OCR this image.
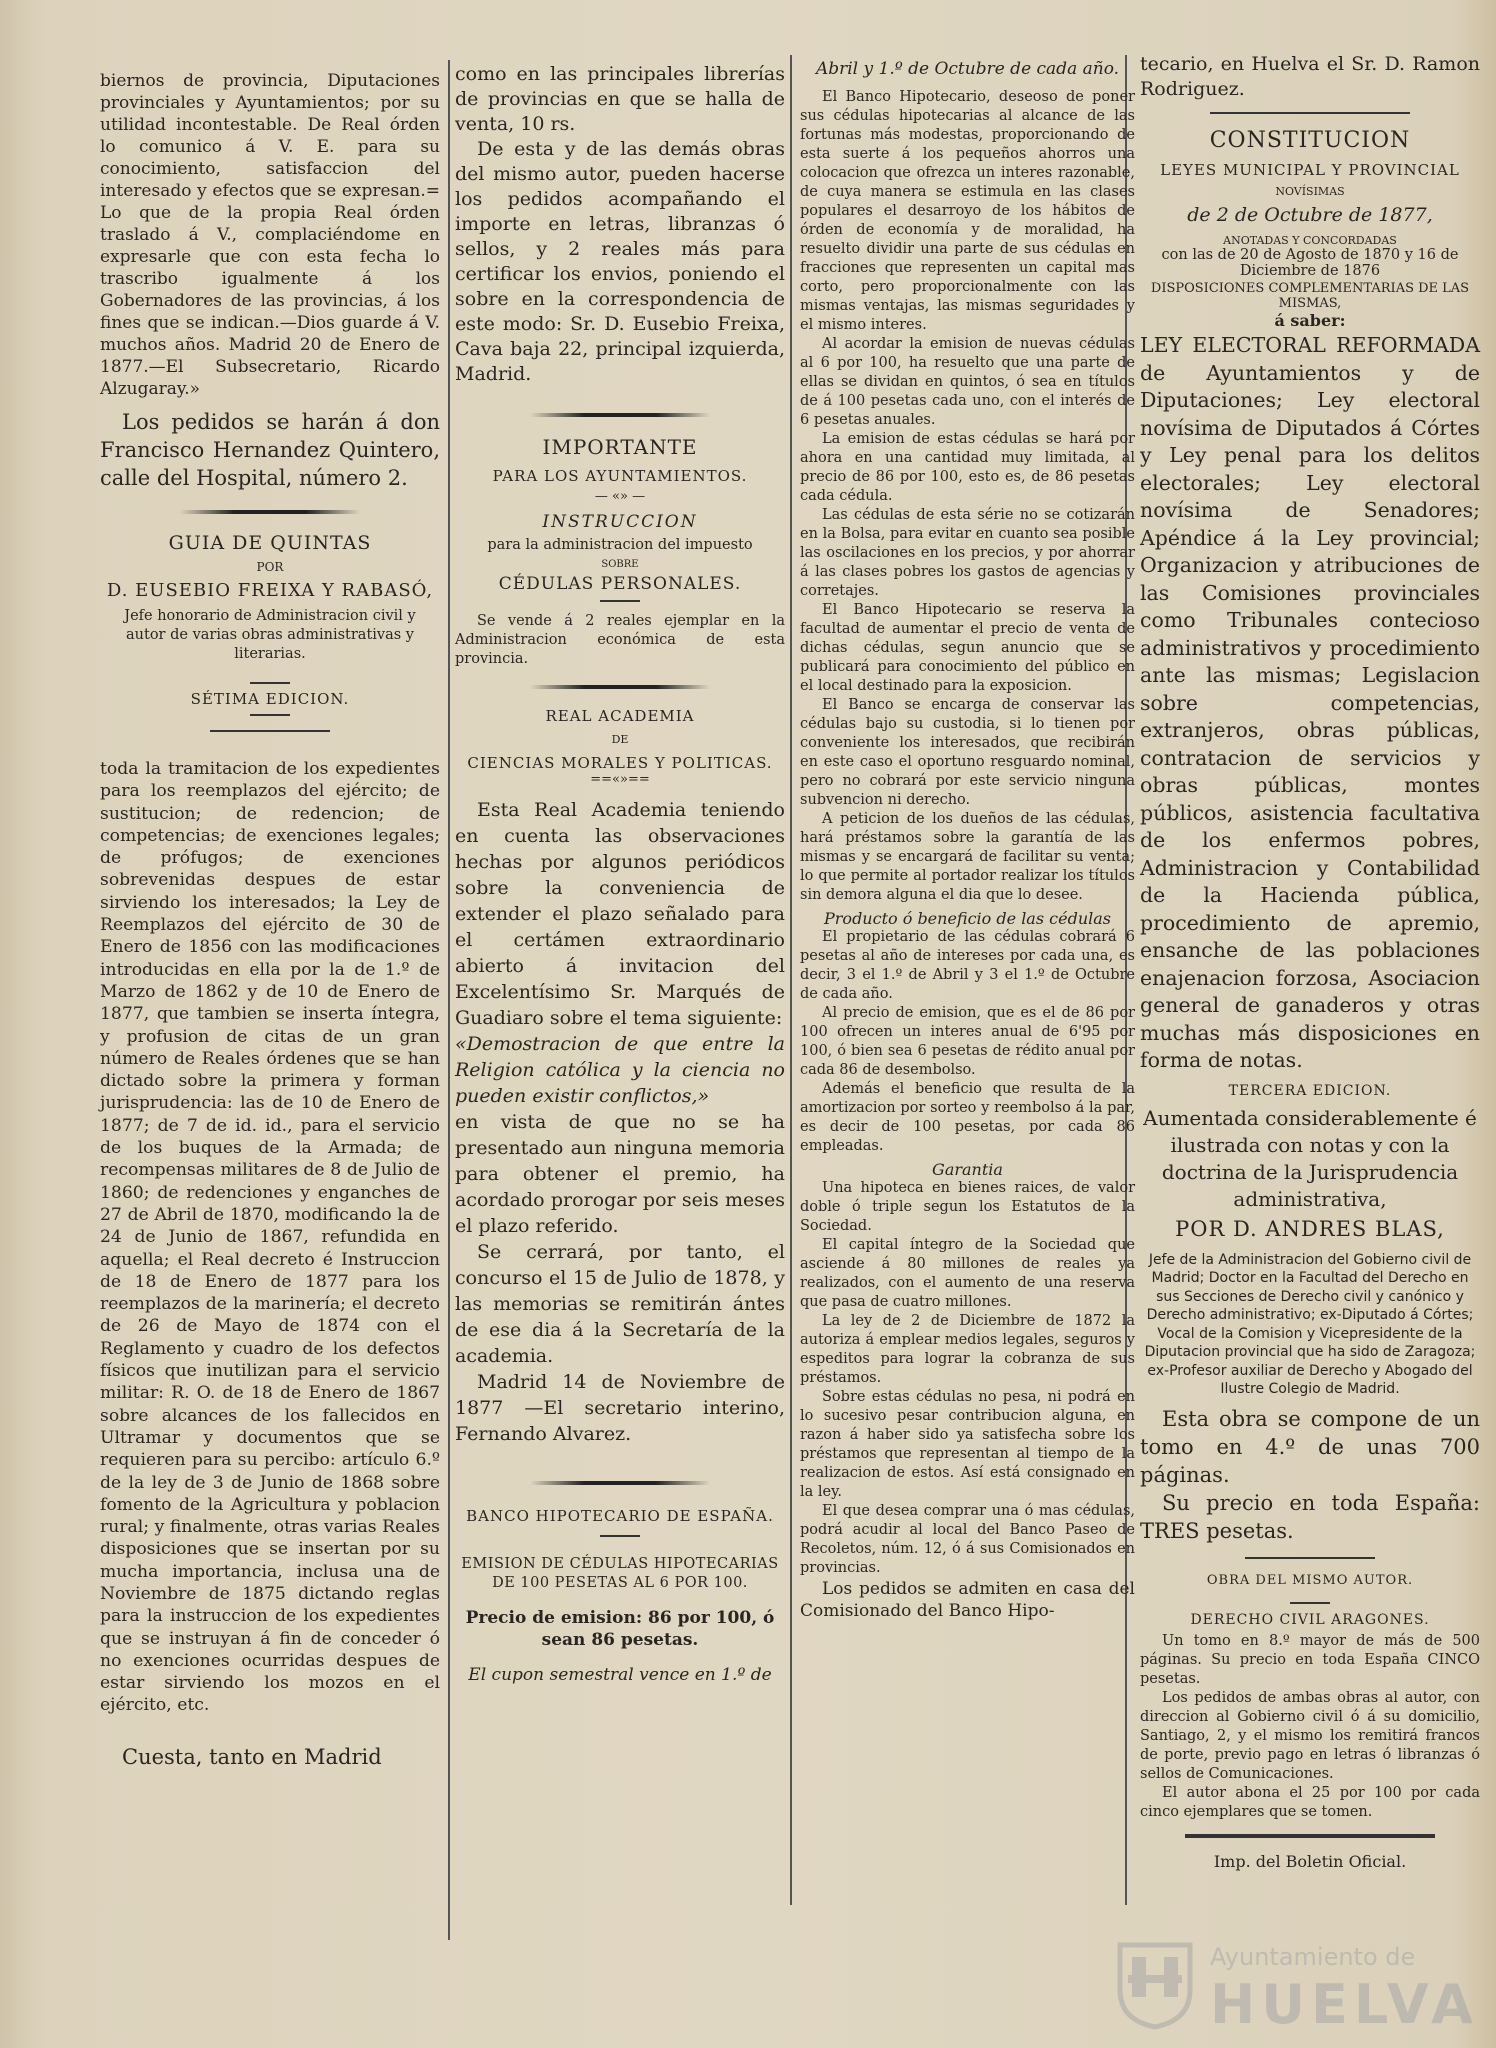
biernos de provincia, Diputaciones provinciales y Ayuntamientos; por su utilidad incontestable. De Real órden lo comunico á V. E. para su conocimiento, satisfaccion del interesado y efectos que se expresan.= Lo que de la propia Real órden traslado á V., complaciéndome en expresarle que con esta fecha lo trascribo igualmente á los Gobernadores de las provincias, á los fines que se indican.—Dios guarde á V. muchos años. Madrid 20 de Enero de 1877.—El Subsecretario, Ricardo Alzugaray.»

Los pedidos se harán á don Francisco Hernandez Quintero, calle del Hospital, número 2.

GUIA DE QUINTAS

POR

D. EUSEBIO FREIXA Y RABASÓ,

Jefe honorario de Administracion civil y autor de varias obras administrativas y literarias.

SÉTIMA EDICION.

toda la tramitacion de los expedientes para los reemplazos del ejército; de sustitucion; de redencion; de competencias; de exenciones legales; de prófugos; de exenciones sobrevenidas despues de estar sirviendo los interesados; la Ley de Reemplazos del ejército de 30 de Enero de 1856 con las modificaciones introducidas en ella por la de 1.º de Marzo de 1862 y de 10 de Enero de 1877, que tambien se inserta íntegra, y profusion de citas de un gran número de Reales órdenes que se han dictado sobre la primera y forman jurisprudencia: las de 10 de Enero de 1877; de 7 de id. id., para el servicio de los buques de la Armada; de recompensas militares de 8 de Julio de 1860; de redenciones y enganches de 27 de Abril de 1870, modificando la de 24 de Junio de 1867, refundida en aquella; el Real decreto é Instruccion de 18 de Enero de 1877 para los reemplazos de la marinería; el decreto de 26 de Mayo de 1874 con el Reglamento y cuadro de los defectos físicos que inutilizan para el servicio militar: R. O. de 18 de Enero de 1867 sobre alcances de los fallecidos en Ultramar y documentos que se requieren para su percibo: artículo 6.º de la ley de 3 de Junio de 1868 sobre fomento de la Agricultura y poblacion rural; y finalmente, otras varias Reales disposiciones que se insertan por su mucha importancia, inclusa una de Noviembre de 1875 dictando reglas para la instruccion de los expedientes que se instruyan á fin de conceder ó no exenciones ocurridas despues de estar sirviendo los mozos en el ejército, etc.

Cuesta, tanto en Madrid

como en las principales librerías de provincias en que se halla de venta, 10 rs.

De esta y de las demás obras del mismo autor, pueden hacerse los pedidos acompañando el importe en letras, libranzas ó sellos, y 2 reales más para certificar los envios, poniendo el sobre en la correspondencia de este modo: Sr. D. Eusebio Freixa, Cava baja 22, principal izquierda, Madrid.

IMPORTANTE

PARA LOS AYUNTAMIENTOS.

— «» —

INSTRUCCION

para la administracion del impuesto

SOBRE

CÉDULAS PERSONALES.

Se vende á 2 reales ejemplar en la Administracion económica de esta provincia.

REAL ACADEMIA

DE

CIENCIAS MORALES Y POLITICAS.

==«»==

Esta Real Academia teniendo en cuenta las observaciones hechas por algunos periódicos sobre la conveniencia de extender el plazo señalado para el certámen extraordinario abierto á invitacion del Excelentísimo Sr. Marqués de Guadiaro sobre el tema siguiente:

«Demostracion de que entre la Religion católica y la ciencia no pueden existir conflictos,»

en vista de que no se ha presentado aun ninguna memoria para obtener el premio, ha acordado prorogar por seis meses el plazo referido.

Se cerrará, por tanto, el concurso el 15 de Julio de 1878, y las memorias se remitirán ántes de ese dia á la Secretaría de la academia.

Madrid 14 de Noviembre de 1877 —El secretario interino, Fernando Alvarez.

BANCO HIPOTECARIO DE ESPAÑA.

EMISION DE CÉDULAS HIPOTECARIAS DE 100 PESETAS AL 6 POR 100.

Precio de emision: 86 por 100, ó sean 86 pesetas.

El cupon semestral vence en 1.º de

Abril y 1.º de Octubre de cada año.

El Banco Hipotecario, deseoso de poner sus cédulas hipotecarias al alcance de las fortunas más modestas, proporcionando de esta suerte á los pequeños ahorros una colocacion que ofrezca un interes razonable, de cuya manera se estimula en las clases populares el desarroyo de los hábitos de órden de economía y de moralidad, ha resuelto dividir una parte de sus cédulas en fracciones que representen un capital mas corto, pero proporcionalmente con las mismas ventajas, las mismas seguridades y el mismo interes.

Al acordar la emision de nuevas cédulas al 6 por 100, ha resuelto que una parte de ellas se dividan en quintos, ó sea en títulos de á 100 pesetas cada uno, con el interés de 6 pesetas anuales.

La emision de estas cédulas se hará por ahora en una cantidad muy limitada, al precio de 86 por 100, esto es, de 86 pesetas cada cédula.

Las cédulas de esta série no se cotizarán en la Bolsa, para evitar en cuanto sea posible las oscilaciones en los precios, y por ahorrar á las clases pobres los gastos de agencias y corretajes.

El Banco Hipotecario se reserva la facultad de aumentar el precio de venta de dichas cédulas, segun anuncio que se publicará para conocimiento del público en el local destinado para la exposicion.

El Banco se encarga de conservar las cédulas bajo su custodia, si lo tienen por conveniente los interesados, que recibirán en este caso el oportuno resguardo nominal, pero no cobrará por este servicio ninguna subvencion ni derecho.

A peticion de los dueños de las cédulas, hará préstamos sobre la garantía de las mismas y se encargará de facilitar su venta; lo que permite al portador realizar los títulos sin demora alguna el dia que lo desee.

Producto ó beneficio de las cédulas

El propietario de las cédulas cobrará 6 pesetas al año de intereses por cada una, es decir, 3 el 1.º de Abril y 3 el 1.º de Octubre de cada año.

Al precio de emision, que es el de 86 por 100 ofrecen un interes anual de 6'95 por 100, ó bien sea 6 pesetas de rédito anual por cada 86 de desembolso.

Además el beneficio que resulta de la amortizacion por sorteo y reembolso á la par, es decir de 100 pesetas, por cada 86 empleadas.

Garantia

Una hipoteca en bienes raices, de valor doble ó triple segun los Estatutos de la Sociedad.

El capital íntegro de la Sociedad que asciende á 80 millones de reales ya realizados, con el aumento de una reserva que pasa de cuatro millones.

La ley de 2 de Diciembre de 1872 la autoriza á emplear medios legales, seguros y espeditos para lograr la cobranza de sus préstamos.

Sobre estas cédulas no pesa, ni podrá en lo sucesivo pesar contribucion alguna, en razon á haber sido ya satisfecha sobre los préstamos que representan al tiempo de la realizacion de estos. Así está consignado en la ley.

El que desea comprar una ó mas cédulas, podrá acudir al local del Banco Paseo de Recoletos, núm. 12, ó á sus Comisionados en provincias.

Los pedidos se admiten en casa del Comisionado del Banco Hipo-

tecario, en Huelva el Sr. D. Ramon Rodriguez.

CONSTITUCION

LEYES MUNICIPAL Y PROVINCIAL

NOVÍSIMAS

de 2 de Octubre de 1877,

ANOTADAS Y CONCORDADAS

con las de 20 de Agosto de 1870 y 16 de Diciembre de 1876

DISPOSICIONES COMPLEMENTARIAS DE LAS MISMAS,

á saber:

LEY ELECTORAL REFORMADA de Ayuntamientos y de Diputaciones; Ley electoral novísima de Diputados á Córtes y Ley penal para los delitos electorales; Ley electoral novísima de Senadores; Apéndice á la Ley provincial; Organizacion y atribuciones de las Comisiones provinciales como Tribunales contecioso administrativos y procedimiento ante las mismas; Legislacion sobre competencias, extranjeros, obras públicas, contratacion de servicios y obras públicas, montes públicos, asistencia facultativa de los enfermos pobres, Administracion y Contabilidad de la Hacienda pública, procedimiento de apremio, ensanche de las poblaciones enajenacion forzosa, Asociacion general de ganaderos y otras muchas más disposiciones en forma de notas.

TERCERA EDICION.

Aumentada considerablemente é ilustrada con notas y con la doctrina de la Jurisprudencia administrativa,

POR D. ANDRES BLAS,

Jefe de la Administracion del Gobierno civil de Madrid; Doctor en la Facultad del Derecho en sus Secciones de Derecho civil y canónico y Derecho administrativo; ex-Diputado á Córtes; Vocal de la Comision y Vicepresidente de la Diputacion provincial que ha sido de Zaragoza; ex-Profesor auxiliar de Derecho y Abogado del Ilustre Colegio de Madrid.

Esta obra se compone de un tomo en 4.º de unas 700 páginas.

Su precio en toda España: TRES pesetas.

OBRA DEL MISMO AUTOR.

DERECHO CIVIL ARAGONES.

Un tomo en 8.º mayor de más de 500 páginas. Su precio en toda España CINCO pesetas.

Los pedidos de ambas obras al autor, con direccion al Gobierno civil ó á su domicilio, Santiago, 2, y el mismo los remitirá francos de porte, previo pago en letras ó libranzas ó sellos de Comunicaciones.

El autor abona el 25 por 100 por cada cinco ejemplares que se tomen.

Imp. del Boletin Oficial.

Ayuntamiento de
HUELVA
